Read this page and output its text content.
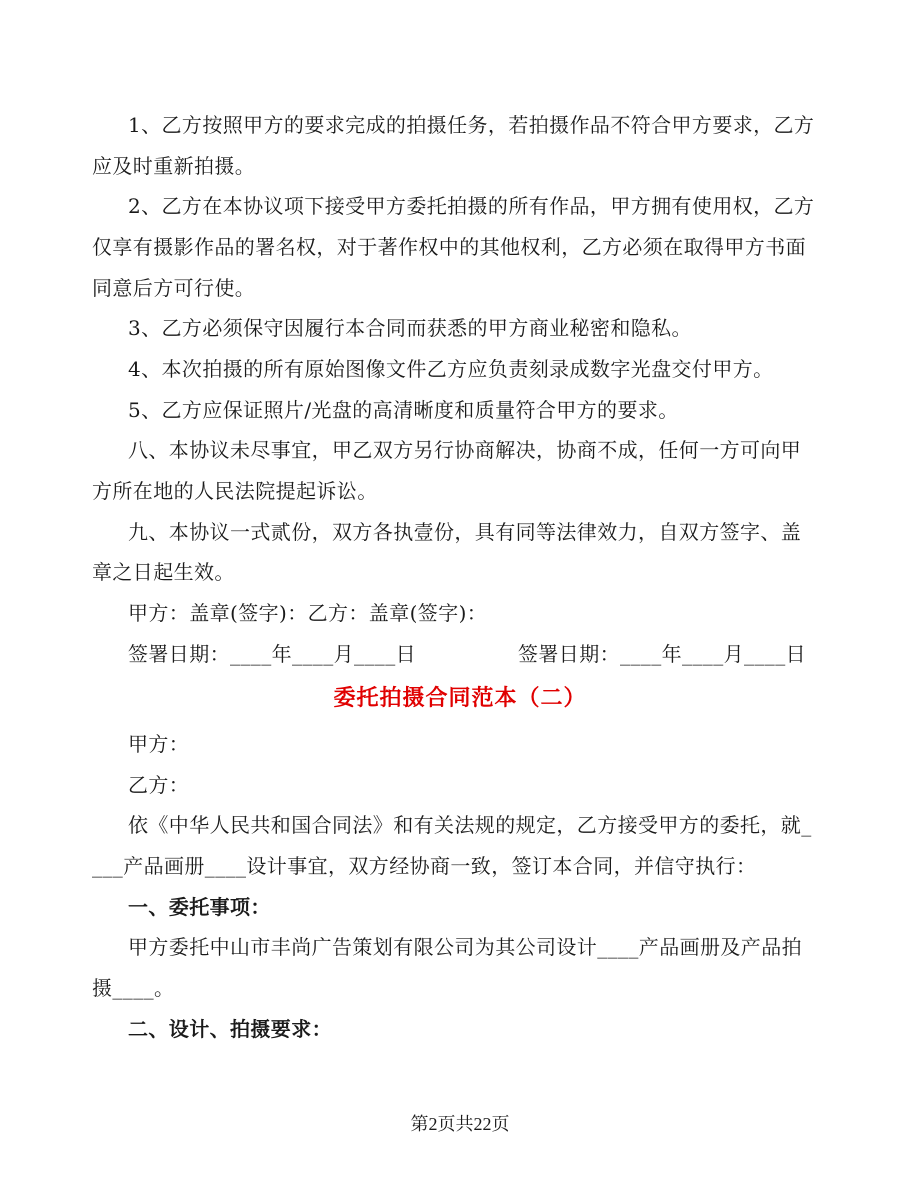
1、乙方按照甲方的要求完成的拍摄任务，若拍摄作品不符合甲方要求，乙方
应及时重新拍摄。
2、乙方在本协议项下接受甲方委托拍摄的所有作品，甲方拥有使用权，乙方
仅享有摄影作品的署名权，对于著作权中的其他权利，乙方必须在取得甲方书面
同意后方可行使。
3、乙方必须保守因履行本合同而获悉的甲方商业秘密和隐私。
4、本次拍摄的所有原始图像文件乙方应负责刻录成数字光盘交付甲方。
5、乙方应保证照片/光盘的高清晰度和质量符合甲方的要求。
八、本协议未尽事宜，甲乙双方另行协商解决，协商不成，任何一方可向甲
方所在地的人民法院提起诉讼。
九、本协议一式贰份，双方各执壹份，具有同等法律效力，自双方签字、盖
章之日起生效。
甲方：盖章(签字)：乙方：盖章(签字)：
签署日期：____年____月____日	签署日期：____年____月____日
委托拍摄合同范本（二）
甲方：
乙方：
依《中华人民共和国合同法》和有关法规的规定，乙方接受甲方的委托，就_
___产品画册____设计事宜，双方经协商一致，签订本合同，并信守执行：
一、委托事项：
甲方委托中山市丰尚广告策划有限公司为其公司设计____产品画册及产品拍
摄____。
二、设计、拍摄要求：
第2页共22页
